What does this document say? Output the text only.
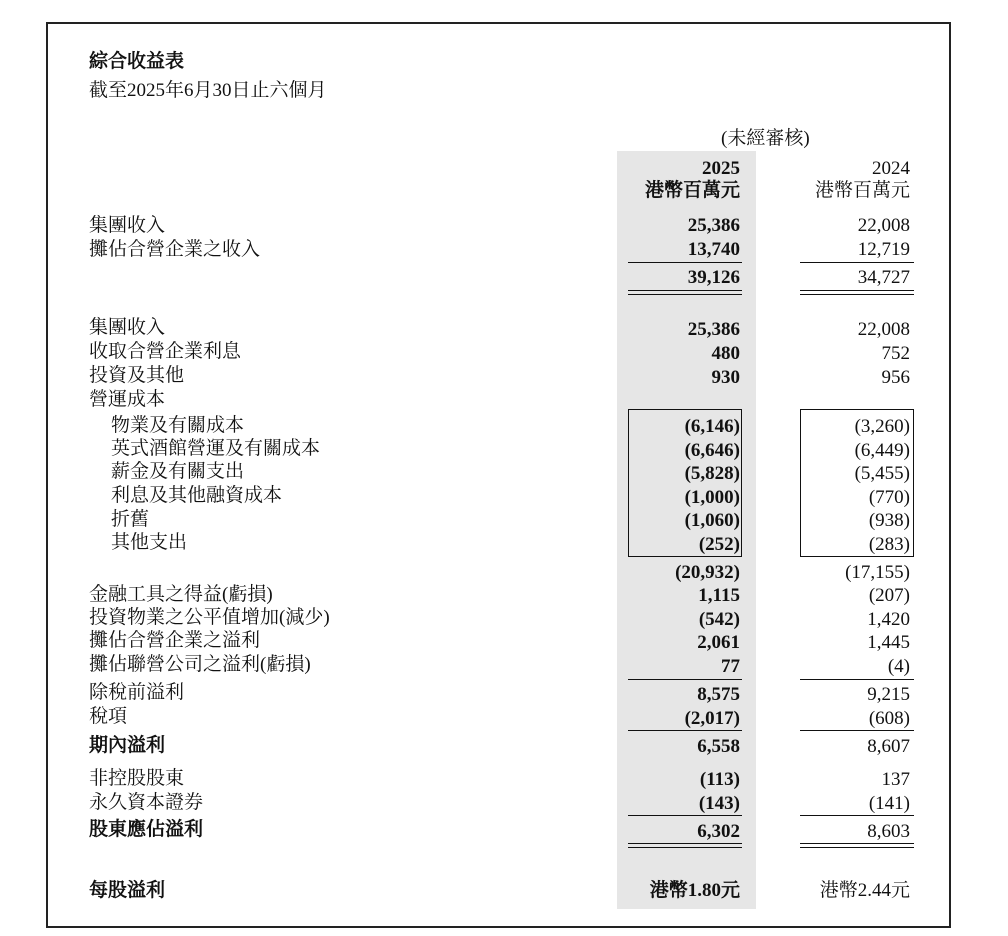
綜合收益表
截至2025年6月30日止六個月
(未經審核)
2025
港幣百萬元
2024
港幣百萬元
集團收入	25,386	22,008
攤佔合營企業之收入	13,740	12,719
39,126	34,727
集團收入	25,386	22,008
收取合營企業利息	480	752
投資及其他	930	956
營運成本
物業及有關成本	(6,146)	(3,260)
英式酒館營運及有關成本	(6,646)	(6,449)
薪金及有關支出	(5,828)	(5,455)
利息及其他融資成本	(1,000)	(770)
折舊	(1,060)	(938)
其他支出	(252)	(283)
(20,932)	(17,155)
金融工具之得益(虧損)	1,115	(207)
投資物業之公平值增加(減少)	(542)	1,420
攤佔合營企業之溢利	2,061	1,445
攤佔聯營公司之溢利(虧損)	77	(4)
除稅前溢利	8,575	9,215
稅項	(2,017)	(608)
期內溢利	6,558	8,607
非控股股東	(113)	137
永久資本證券	(143)	(141)
股東應佔溢利	6,302	8,603
每股溢利	港幣1.80元	港幣2.44元
